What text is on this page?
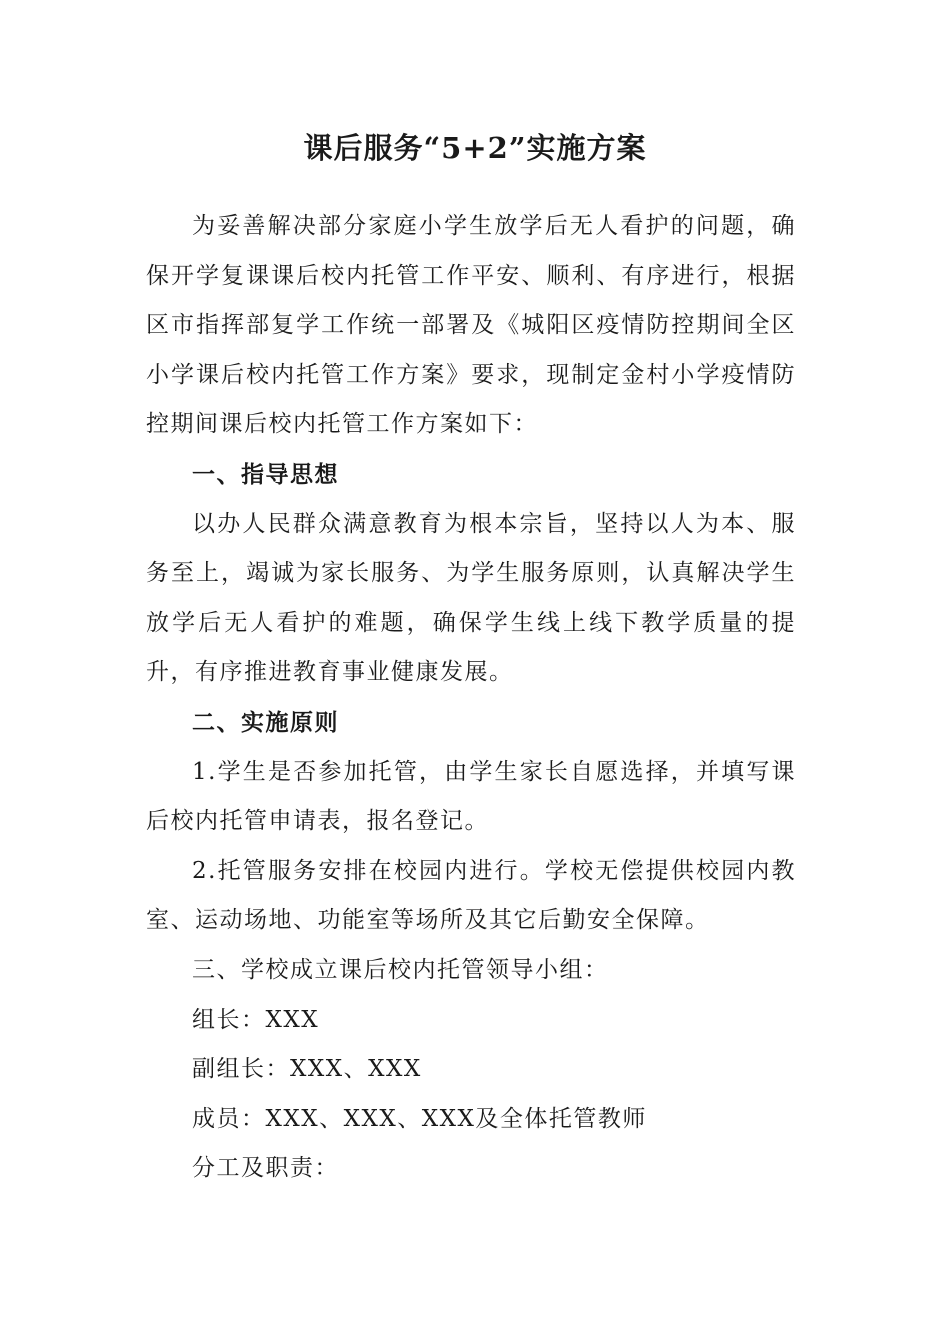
课后服务“5+2”实施方案

为妥善解决部分家庭小学生放学后无人看护的问题，确保开学复课课后校内托管工作平安、顺利、有序进行，根据区市指挥部复学工作统一部署及《城阳区疫情防控期间全区小学课后校内托管工作方案》要求，现制定金村小学疫情防控期间课后校内托管工作方案如下：

一、指导思想

以办人民群众满意教育为根本宗旨，坚持以人为本、服务至上，竭诚为家长服务、为学生服务原则，认真解决学生放学后无人看护的难题，确保学生线上线下教学质量的提升，有序推进教育事业健康发展。

二、实施原则

1.学生是否参加托管，由学生家长自愿选择，并填写课后校内托管申请表，报名登记。

2.托管服务安排在校园内进行。学校无偿提供校园内教室、运动场地、功能室等场所及其它后勤安全保障。

三、学校成立课后校内托管领导小组：

组长：XXX

副组长：XXX、XXX

成员：XXX、XXX、XXX及全体托管教师

分工及职责：
